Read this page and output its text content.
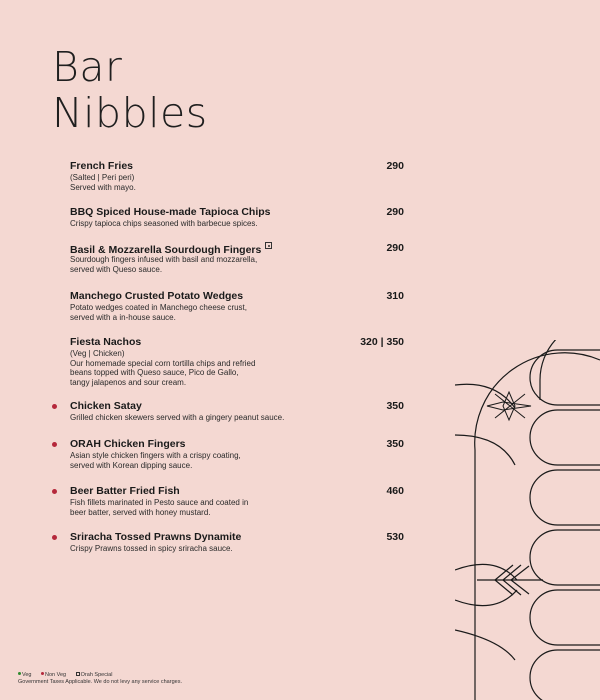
Bar
Nibbles
French Fries	290
(Salted | Peri peri)
Served with mayo.
BBQ Spiced House-made Tapioca Chips	290
Crispy tapioca chips seasoned with barbecue spices.
Basil & Mozzarella Sourdough Fingers	290
Sourdough fingers infused with basil and mozzarella,
served with Queso sauce.
Manchego Crusted Potato Wedges	310
Potato wedges coated in Manchego cheese crust,
served with a in-house sauce.
Fiesta Nachos	320 | 350
(Veg | Chicken)
Our homemade special corn tortilla chips and refried
beans topped with Queso sauce, Pico de Gallo,
tangy jalapenos and sour cream.
Chicken Satay	350
Grilled chicken skewers served with a gingery peanut sauce.
ORAH Chicken Fingers	350
Asian style chicken fingers with a crispy coating,
served with Korean dipping sauce.
Beer Batter Fried Fish	460
Fish fillets marinated in Pesto sauce and coated in
beer batter, served with honey mustard.
Sriracha Tossed Prawns Dynamite	530
Crispy Prawns tossed in spicy sriracha sauce.
Veg Non Veg	Orah Special
Government Taxes Applicable. We do not levy any service charges.
